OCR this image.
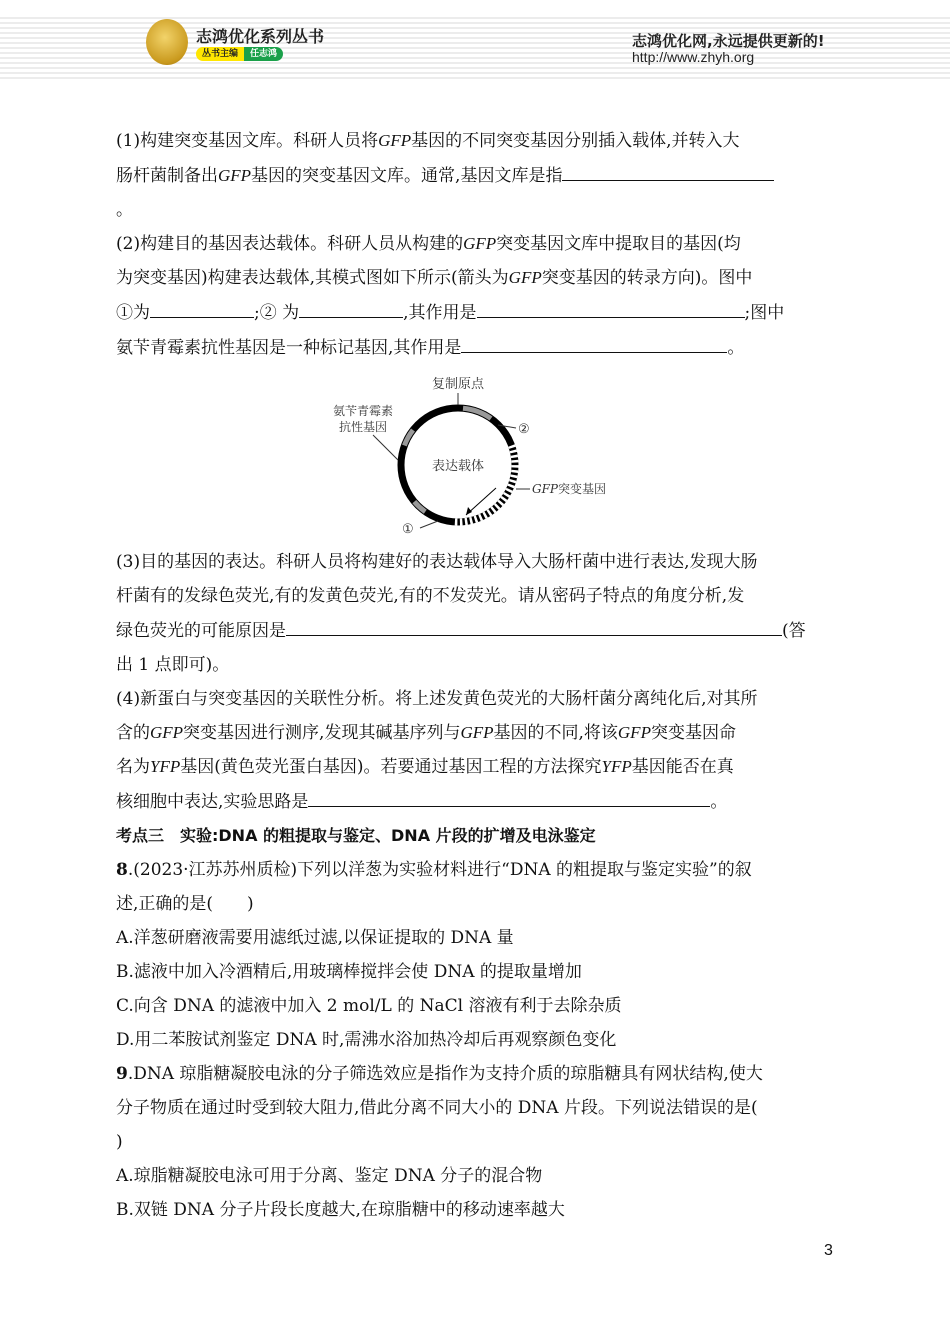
志鸿优化系列丛书
丛书主编	任志鸿
志鸿优化网,永远提供更新的!
http://www.zhyh.org

(1)构建突变基因文库。科研人员将GFP基因的不同突变基因分别插入载体,并转入大
肠杆菌制备出GFP基因的突变基因文库。通常,基因文库是指
。

(2)构建目的基因表达载体。科研人员从构建的GFP突变基因文库中提取目的基因(均
为突变基因)构建表达载体,其模式图如下所示(箭头为GFP突变基因的转录方向)。图中
①为	;② 为	,其作用是	;图中
氨苄青霉素抗性基因是一种标记基因,其作用是	。

表达载体
复制原点
氨苄青霉素
抗性基因	②
GFP突变基因
①

(3)目的基因的表达。科研人员将构建好的表达载体导入大肠杆菌中进行表达,发现大肠
杆菌有的发绿色荧光,有的发黄色荧光,有的不发荧光。请从密码子特点的角度分析,发
绿色荧光的可能原因是	(答
出 1 点即可)。

(4)新蛋白与突变基因的关联性分析。将上述发黄色荧光的大肠杆菌分离纯化后,对其所
含的GFP突变基因进行测序,发现其碱基序列与GFP基因的不同,将该GFP突变基因命
名为YFP基因(黄色荧光蛋白基因)。若要通过基因工程的方法探究YFP基因能否在真
核细胞中表达,实验思路是	。

考点三　实验:DNA 的粗提取与鉴定、DNA 片段的扩增及电泳鉴定

8.(2023·江苏苏州质检)下列以洋葱为实验材料进行“DNA 的粗提取与鉴定实验”的叙
述,正确的是(　　)

A.洋葱研磨液需要用滤纸过滤,以保证提取的 DNA 量

B.滤液中加入冷酒精后,用玻璃棒搅拌会使 DNA 的提取量增加

C.向含 DNA 的滤液中加入 2 mol/L 的 NaCl 溶液有利于去除杂质

D.用二苯胺试剂鉴定 DNA 时,需沸水浴加热冷却后再观察颜色变化

9.DNA 琼脂糖凝胶电泳的分子筛选效应是指作为支持介质的琼脂糖具有网状结构,使大
分子物质在通过时受到较大阻力,借此分离不同大小的 DNA 片段。下列说法错误的是(
)

A.琼脂糖凝胶电泳可用于分离、鉴定 DNA 分子的混合物

B.双链 DNA 分子片段长度越大,在琼脂糖中的移动速率越大

3
